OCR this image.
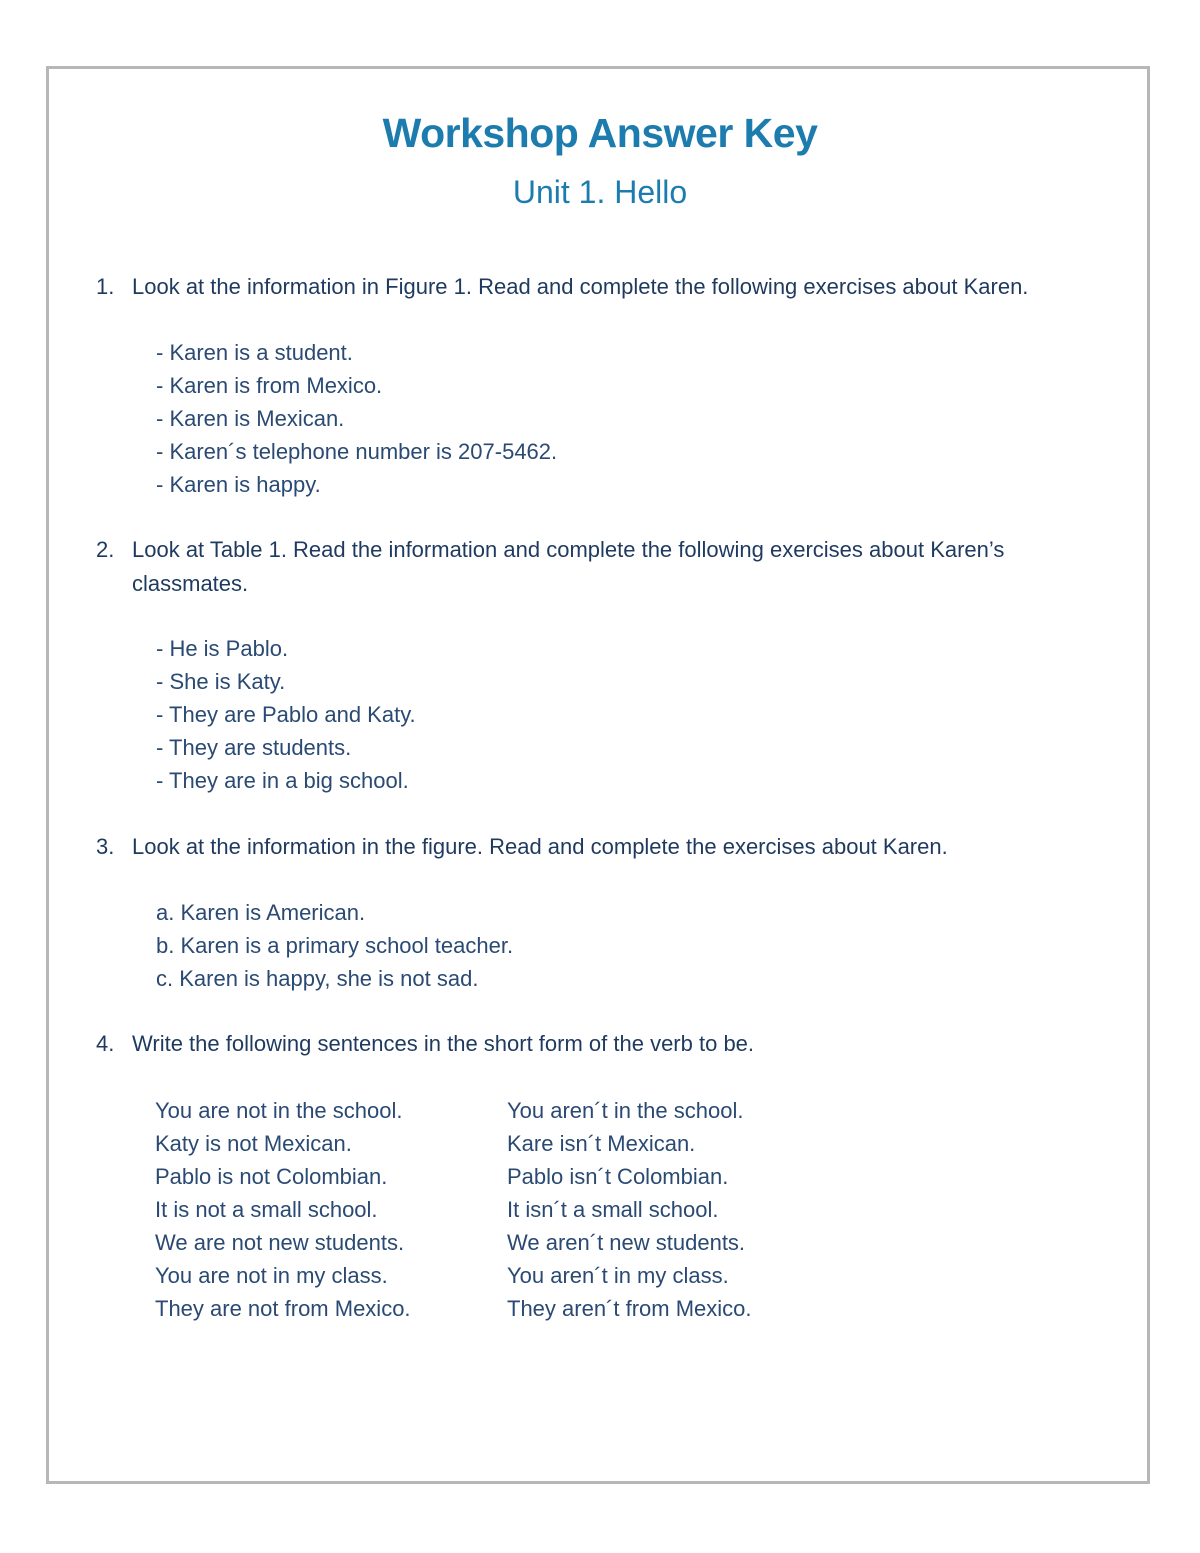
Workshop Answer Key
Unit 1. Hello
1. Look at the information in Figure 1. Read and complete the following exercises about Karen.
- Karen is a student.
- Karen is from Mexico.
- Karen is Mexican.
- Karen´s telephone number is 207-5462.
- Karen is happy.
2. Look at Table 1. Read the information and complete the following exercises about Karen’s classmates.
- He is Pablo.
- She is Katy.
- They are Pablo and Katy.
- They are students.
- They are in a big school.
3. Look at the information in the figure. Read and complete the exercises about Karen.
a. Karen is American.
b. Karen is a primary school teacher.
c. Karen is happy, she is not sad.
4. Write the following sentences in the short form of the verb to be.
You are not in the school.	You aren´t in the school.
Katy is not Mexican.	Kare isn´t Mexican.
Pablo is not Colombian.	Pablo isn´t Colombian.
It is not a small school.	It isn´t a small school.
We are not new students.	We aren´t new students.
You are not in my class.	You aren´t in my class.
They are not from Mexico.	They aren´t from Mexico.
